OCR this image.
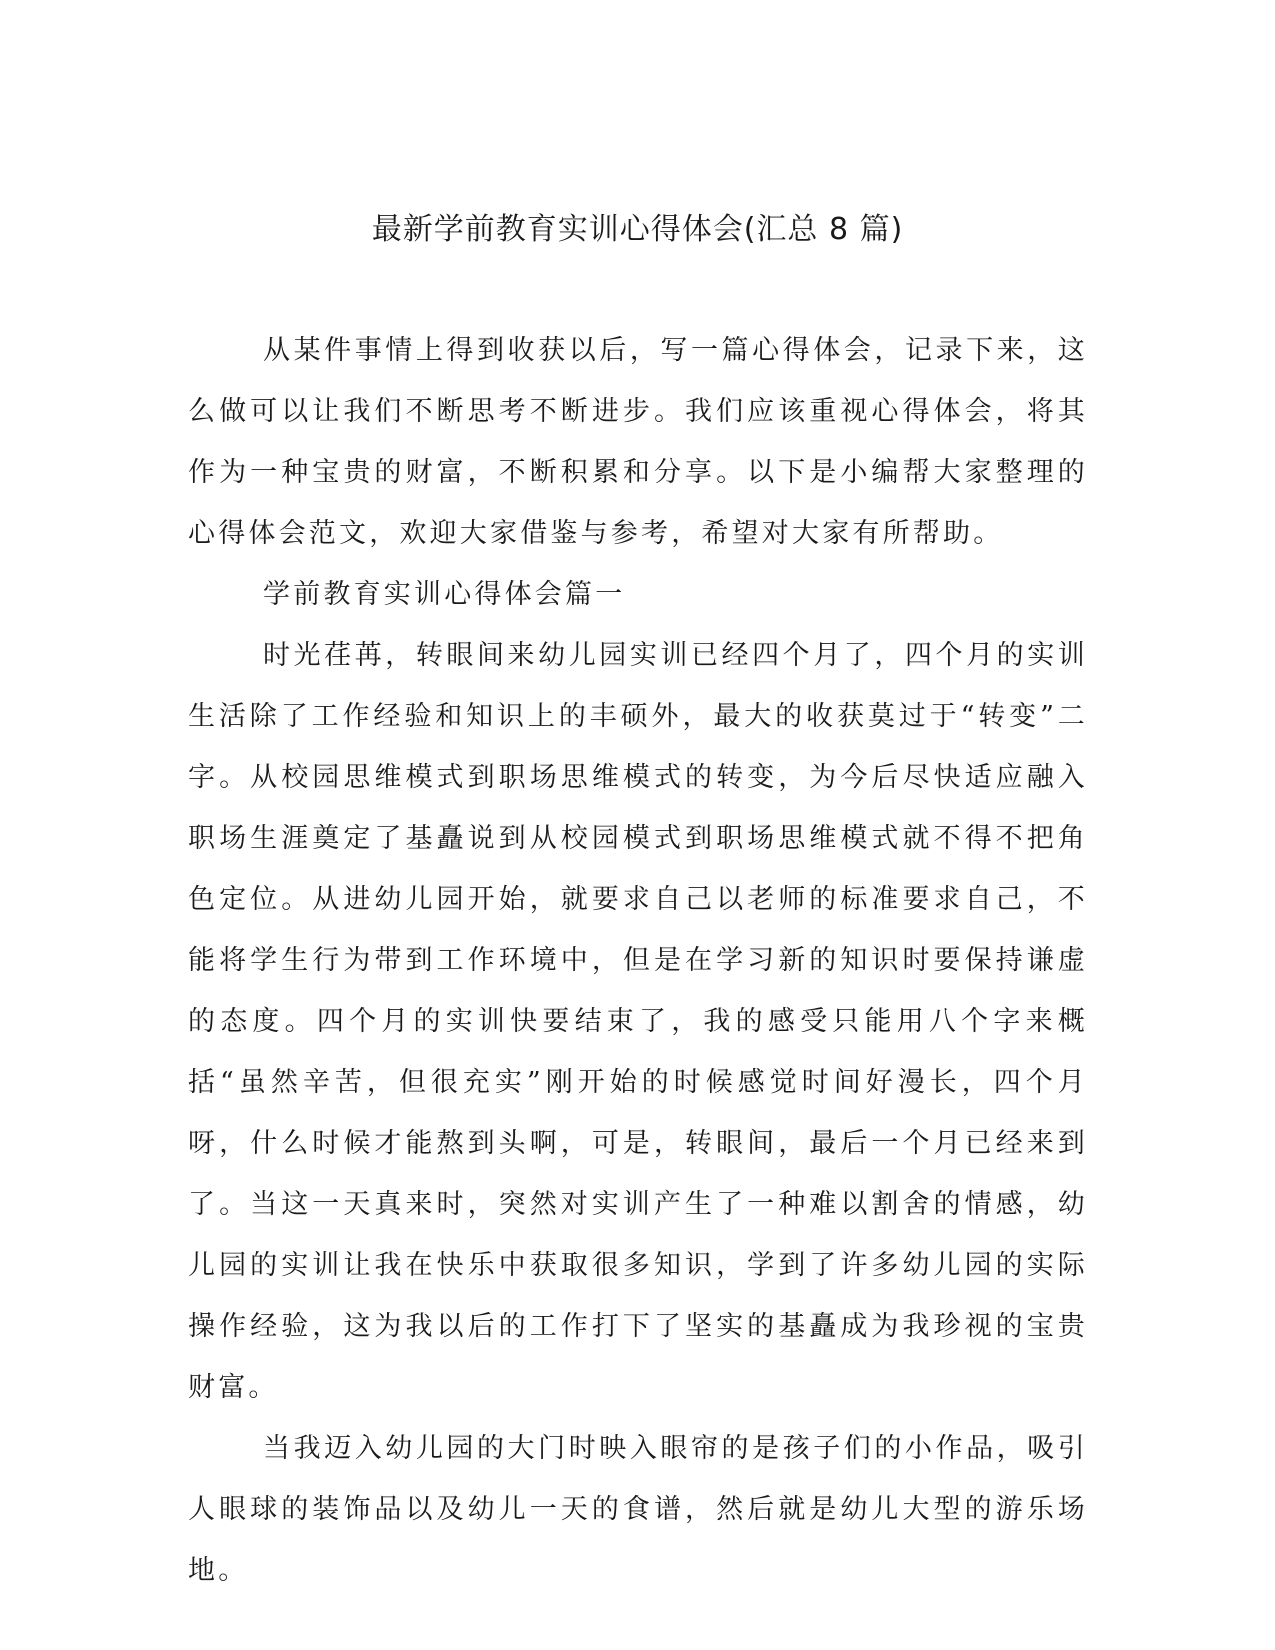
最新学前教育实训心得体会(汇总 8 篇)

从某件事情上得到收获以后，写一篇心得体会，记录下来，这么做可以让我们不断思考不断进步。我们应该重视心得体会，将其作为一种宝贵的财富，不断积累和分享。以下是小编帮大家整理的心得体会范文，欢迎大家借鉴与参考，希望对大家有所帮助。

学前教育实训心得体会篇一

时光荏苒，转眼间来幼儿园实训已经四个月了，四个月的实训生活除了工作经验和知识上的丰硕外，最大的收获莫过于“转变”二字。从校园思维模式到职场思维模式的转变，为今后尽快适应融入职场生涯奠定了基矗说到从校园模式到职场思维模式就不得不把角色定位。从进幼儿园开始，就要求自己以老师的标准要求自己，不能将学生行为带到工作环境中，但是在学习新的知识时要保持谦虚的态度。四个月的实训快要结束了，我的感受只能用八个字来概括“虽然辛苦，但很充实”刚开始的时候感觉时间好漫长，四个月呀，什么时候才能熬到头啊，可是，转眼间，最后一个月已经来到了。当这一天真来时，突然对实训产生了一种难以割舍的情感，幼儿园的实训让我在快乐中获取很多知识，学到了许多幼儿园的实际操作经验，这为我以后的工作打下了坚实的基矗成为我珍视的宝贵财富。

当我迈入幼儿园的大门时映入眼帘的是孩子们的小作品，吸引人眼球的装饰品以及幼儿一天的食谱，然后就是幼儿大型的游乐场地。
